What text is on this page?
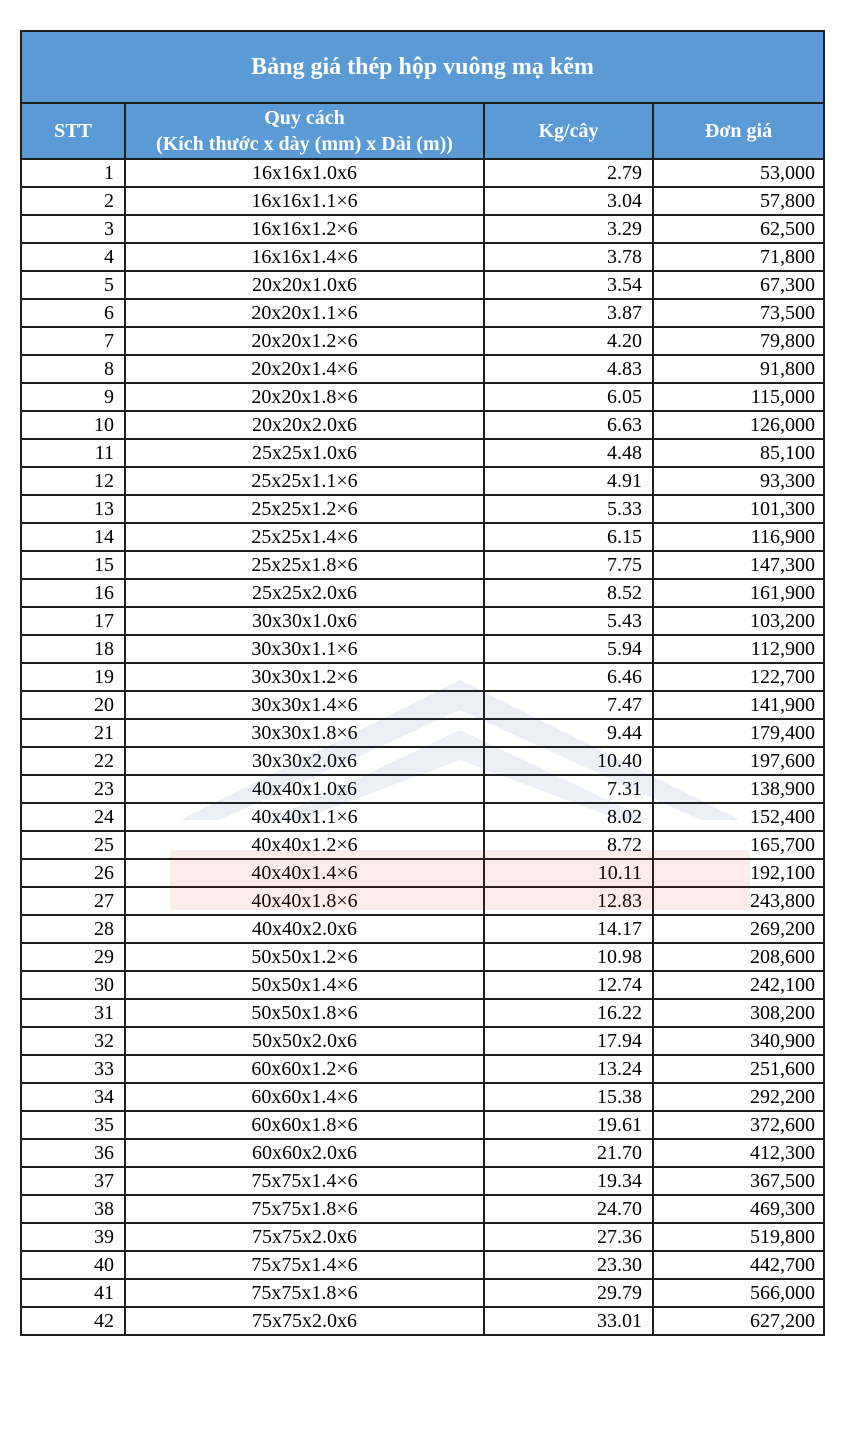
Bảng giá thép hộp vuông mạ kẽm			
STT	Quy cách
(Kích thước x dày (mm) x Dài (m))	Kg/cây	Đơn giá
1	16x16x1.0x6	2.79	53,000
2	16x16x1.1×6	3.04	57,800
3	16x16x1.2×6	3.29	62,500
4	16x16x1.4×6	3.78	71,800
5	20x20x1.0x6	3.54	67,300
6	20x20x1.1×6	3.87	73,500
7	20x20x1.2×6	4.20	79,800
8	20x20x1.4×6	4.83	91,800
9	20x20x1.8×6	6.05	115,000
10	20x20x2.0x6	6.63	126,000
11	25x25x1.0x6	4.48	85,100
12	25x25x1.1×6	4.91	93,300
13	25x25x1.2×6	5.33	101,300
14	25x25x1.4×6	6.15	116,900
15	25x25x1.8×6	7.75	147,300
16	25x25x2.0x6	8.52	161,900
17	30x30x1.0x6	5.43	103,200
18	30x30x1.1×6	5.94	112,900
19	30x30x1.2×6	6.46	122,700
20	30x30x1.4×6	7.47	141,900
21	30x30x1.8×6	9.44	179,400
22	30x30x2.0x6	10.40	197,600
23	40x40x1.0x6	7.31	138,900
24	40x40x1.1×6	8.02	152,400
25	40x40x1.2×6	8.72	165,700
26	40x40x1.4×6	10.11	192,100
27	40x40x1.8×6	12.83	243,800
28	40x40x2.0x6	14.17	269,200
29	50x50x1.2×6	10.98	208,600
30	50x50x1.4×6	12.74	242,100
31	50x50x1.8×6	16.22	308,200
32	50x50x2.0x6	17.94	340,900
33	60x60x1.2×6	13.24	251,600
34	60x60x1.4×6	15.38	292,200
35	60x60x1.8×6	19.61	372,600
36	60x60x2.0x6	21.70	412,300
37	75x75x1.4×6	19.34	367,500
38	75x75x1.8×6	24.70	469,300
39	75x75x2.0x6	27.36	519,800
40	75x75x1.4×6	23.30	442,700
41	75x75x1.8×6	29.79	566,000
42	75x75x2.0x6	33.01	627,200
